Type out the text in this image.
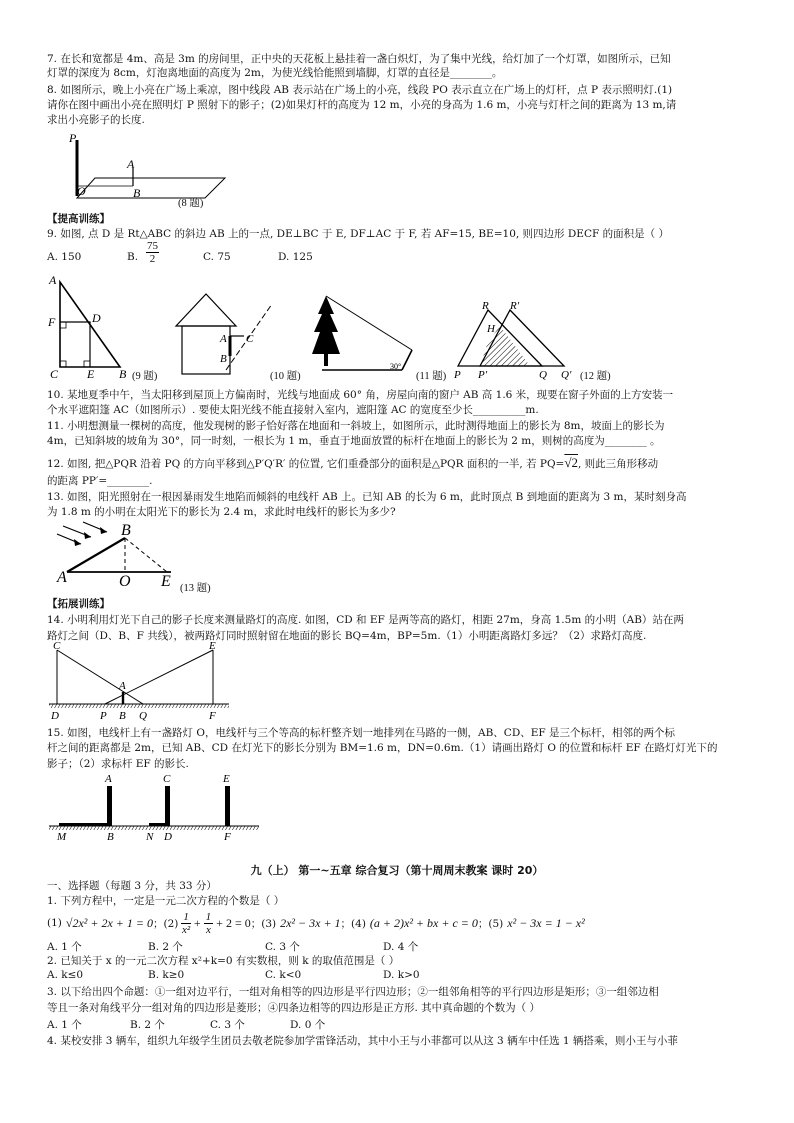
7. 在长和宽都是 4m、高是 3m 的房间里，正中央的天花板上悬挂着一盏白炽灯，为了集中光线，给灯加了一个灯罩，如图所示，已知
灯罩的深度为 8cm，灯泡离地面的高度为 2m，为使光线恰能照到墙脚，灯罩的直径是________。
8. 如图所示，晚上小亮在广场上乘凉，图中线段 AB 表示站在广场上的小亮，线段 PO 表示直立在广场上的灯杆，点 P 表示照明灯.(1)
请你在图中画出小亮在照明灯 P 照射下的影子；(2)如果灯杆的高度为 12 m，小亮的身高为 1.6 m，小亮与灯杆之间的距离为 13 m,请
求出小亮影子的长度.
P
A
O	B
(8 题)
【提高训练】
9. 如图, 点 D 是 Rt△ABC 的斜边 AB 上的一点, DE⊥BC 于 E, DF⊥AC 于 F, 若 AF=15, BE=10, 则四边形 DECF 的面积是（ ）
A. 150	B. $\frac{75}{2}$	C. 75	D. 125
A
F	D
C E B (9 题)
A C
B
(10 题)
30°
(11 题)
R R′
H
P P′	Q Q′ (12 题)
10. 某地夏季中午，当太阳移到屋顶上方偏南时，光线与地面成 60° 角，房屋向南的窗户 AB 高 1.6 米，现要在窗子外面的上方安装一
个水平遮阳篷 AC（如图所示）. 要使太阳光线不能直接射入室内，遮阳篷 AC 的宽度至少长__________m.
11. 小明想测量一棵树的高度，他发现树的影子恰好落在地面和一斜坡上，如图所示，此时测得地面上的影长为 8m，坡面上的影长为
4m，已知斜坡的坡角为 30°，同一时刻，一根长为 1 m，垂直于地面放置的标杆在地面上的影长为 2 m，则树的高度为________ 。
12. 如图, 把△PQR 沿着 PQ 的方向平移到△P′Q′R′ 的位置, 它们重叠部分的面积是△PQR 面积的一半, 若 PQ=√2, 则此三角形移动
的距离 PP′=________.
13. 如图，阳光照射在一根因暴雨发生地陷而倾斜的电线杆 AB 上。已知 AB 的长为 6 m，此时顶点 B 到地面的距离为 3 m，某时刻身高
为 1.8 m 的小明在太阳光下的影长为 2.4 m，求此时电线杆的影长为多少?
B
A	O E (13 题)
【拓展训练】
14. 小明利用灯光下自己的影子长度来测量路灯的高度. 如图，CD 和 EF 是两等高的路灯，相距 27m，身高 1.5m 的小明（AB）站在两
路灯之间（D、B、F 共线），被两路灯同时照射留在地面的影长 BQ=4m，BP=5m.（1）小明距离路灯多远？（2）求路灯高度.
C	E
A
D	P B Q	F
15. 如图，电线杆上有一盏路灯 O，电线杆与三个等高的标杆整齐划一地排列在马路的一侧，AB、CD、EF 是三个标杆，相邻的两个标
杆之间的距离都是 2m，已知 AB、CD 在灯光下的影长分别为 BM=1.6 m，DN=0.6m.（1）请画出路灯 O 的位置和标杆 EF 在路灯灯光下的
影子；（2）求标杆 EF 的影长.
A	C	E
M	B	N D	F
九（上） 第一~五章 综合复习（第十周周末教案 课时 20）
一、选择题（每题 3 分，共 33 分）
1. 下列方程中，一定是一元二次方程的个数是（ ）
(1) √2x² + 2x + 1 = 0 ；(2)
1
$x^2 + \frac{1}{x} + 2 = 0$ ；(3) 2x² − 3x + 1 ；(4) (a + 2)x² + bx + c = 0 ；(5) x² − 3x = 1 − x²
A. 1 个	B. 2 个	C. 3 个	D. 4 个
2. 已知关于 x 的一元二次方程 x²+k=0 有实数根，则 k 的取值范围是（ ）
A. k≤0	B. k≥0	C. k<0	D. k>0
3. 以下给出四个命题：①一组对边平行，一组对角相等的四边形是平行四边形；②一组邻角相等的平行四边形是矩形；③一组邻边相
等且一条对角线平分一组对角的四边形是菱形；④四条边相等的四边形是正方形. 其中真命题的个数为（ ）
A. 1 个	B. 2 个	C. 3 个	D. 0 个
4. 某校安排 3 辆车，组织九年级学生团员去敬老院参加学雷锋活动，其中小王与小菲都可以从这 3 辆车中任选 1 辆搭乘，则小王与小菲
